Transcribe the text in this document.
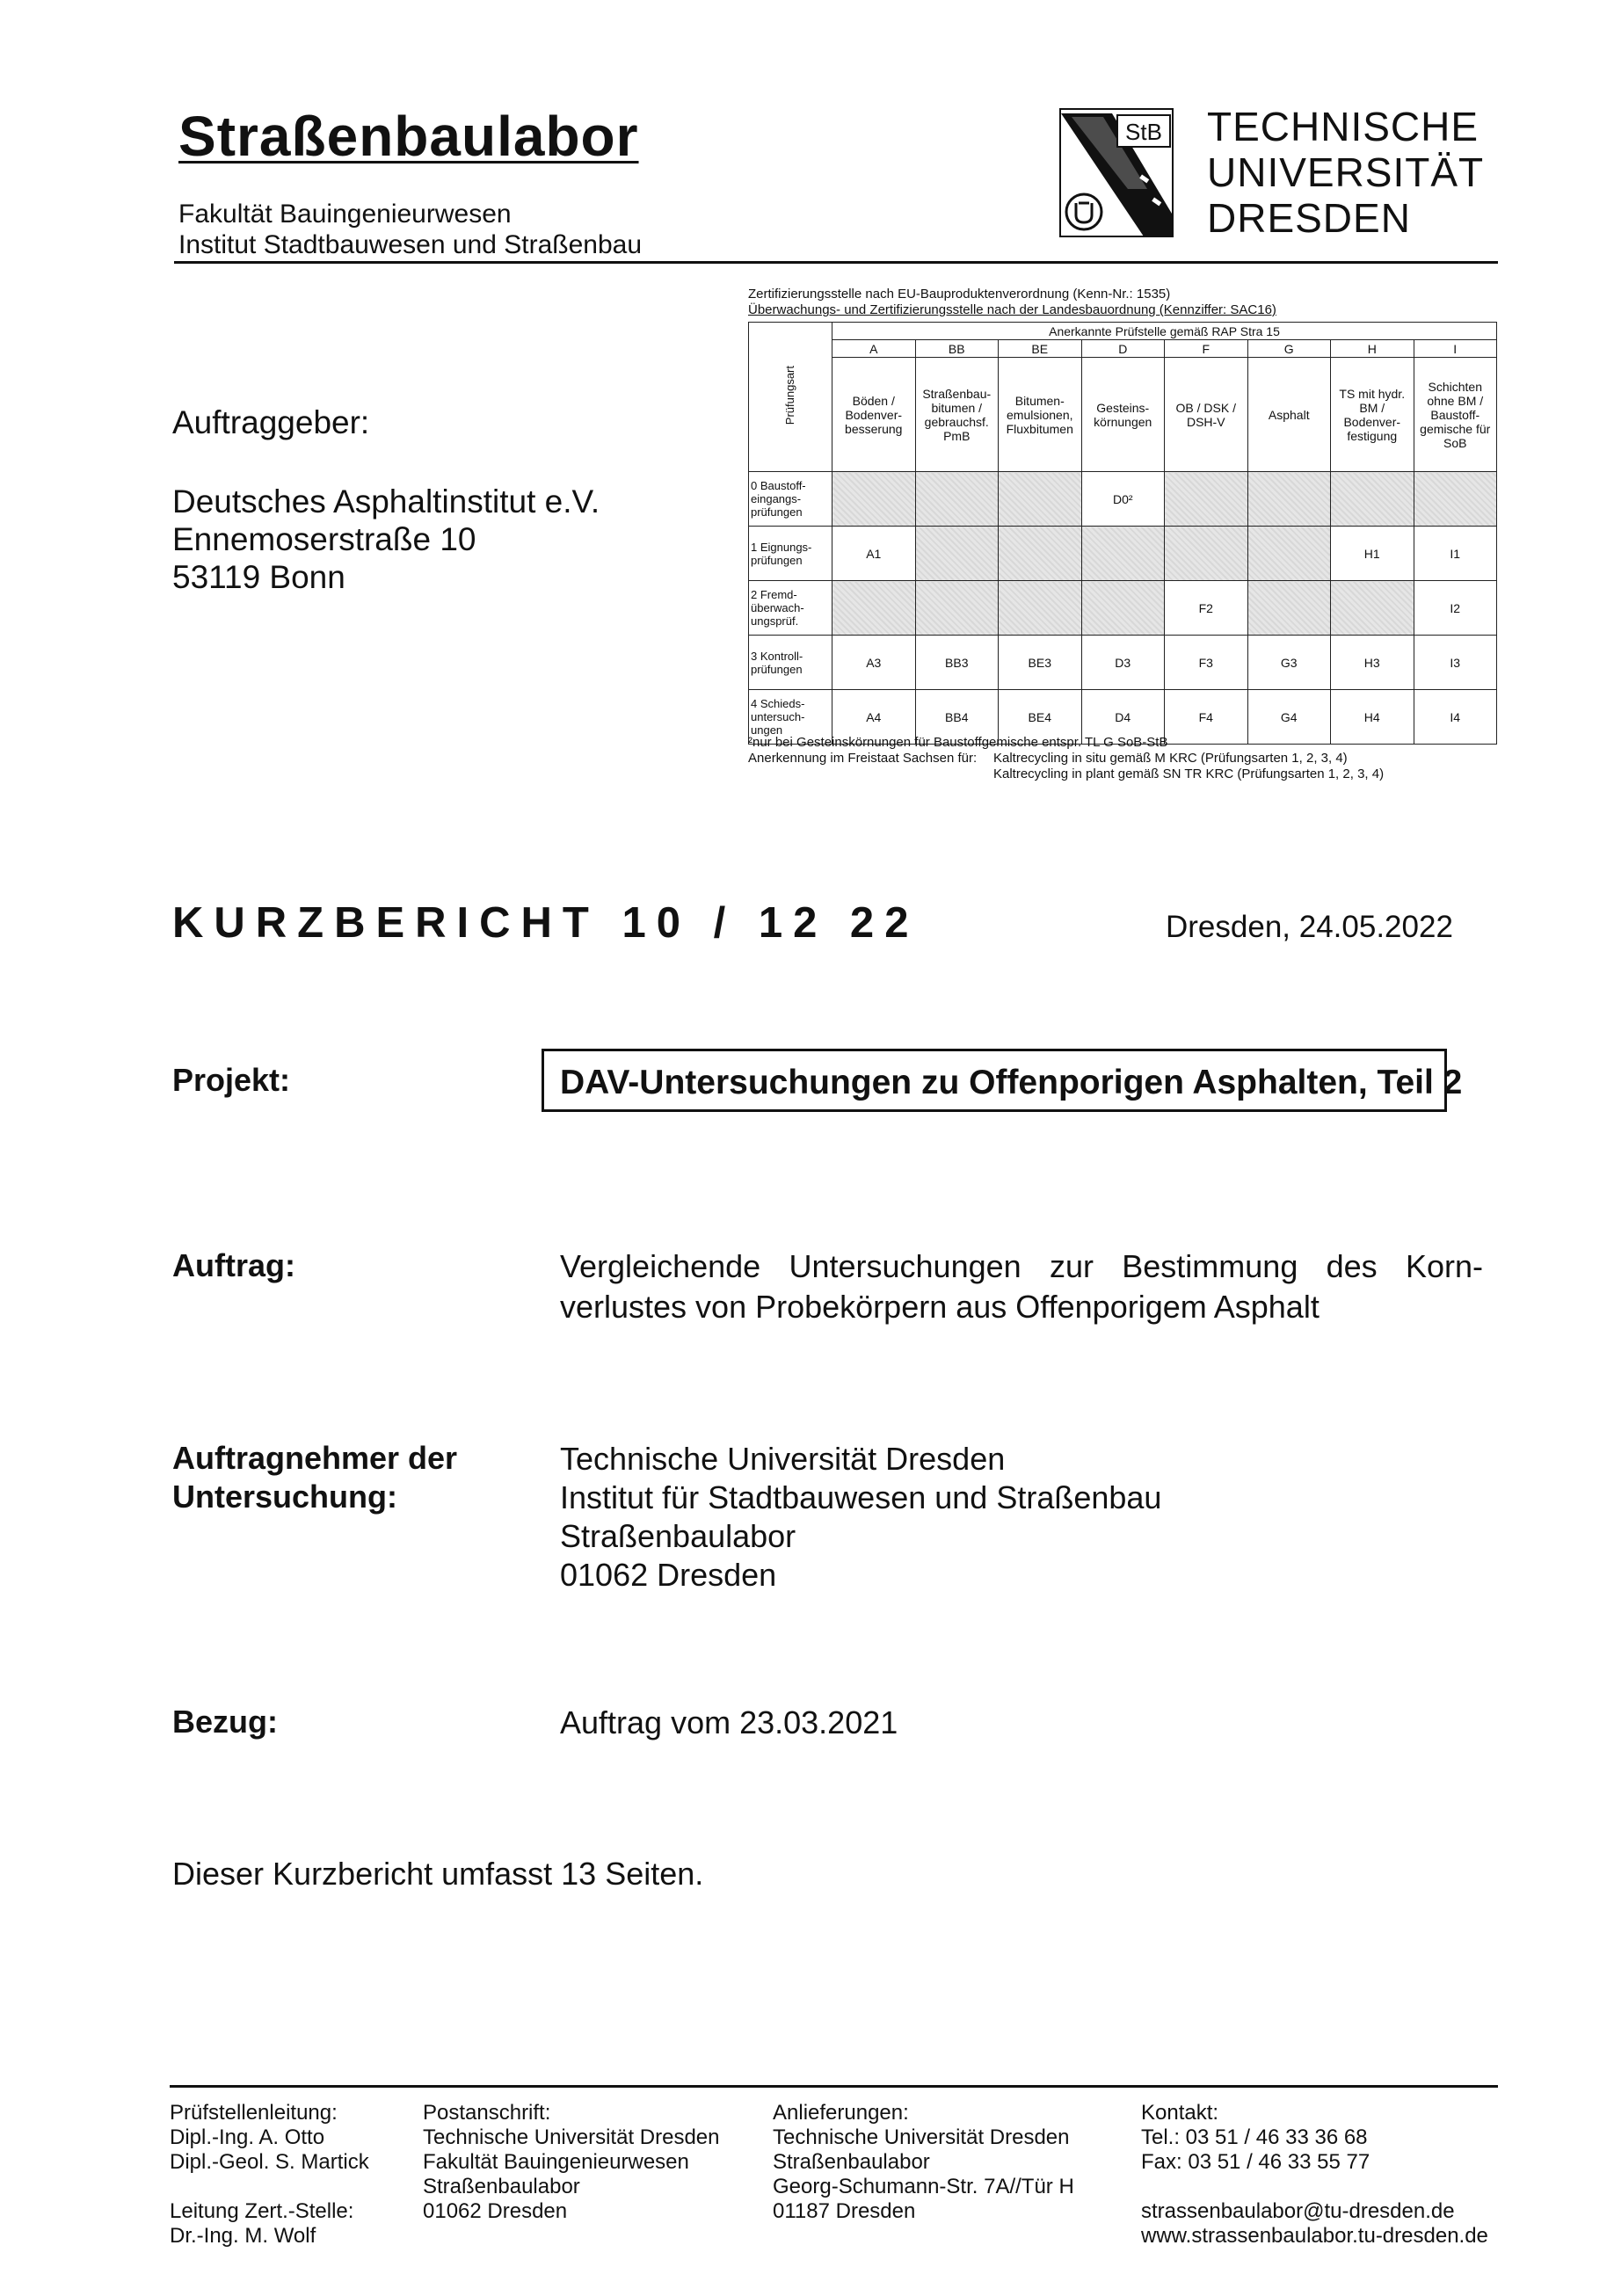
Straßenbaulabor
Fakultät Bauingenieurwesen
Institut Stadtbauwesen und Straßenbau
StB TECHNISCHE
UNIVERSITÄT
DRESDEN
Auftraggeber:
Deutsches Asphaltinstitut e.V.
Ennemoserstraße 10
53119 Bonn
Zertifizierungsstelle nach EU-Bauproduktenverordnung (Kenn-Nr.: 1535)
Überwachungs- und Zertifizierungsstelle nach der Landesbauordnung (Kennziffer: SAC16)
Prüfungsart	Anerkannte Prüfstelle gemäß RAP Stra 15							
	A	BB	BE	D	F	G	H	I
	Böden / Bodenver-besserung	Straßenbau-bitumen / gebrauchsf. PmB	Bitumen-emulsionen, Fluxbitumen	Gesteins-körnungen	OB / DSK / DSH-V	Asphalt	TS mit hydr. BM / Bodenver-festigung	Schichten ohne BM / Baustoff-gemische für SoB
0 Baustoff-eingangs-prüfungen				D0²				
1 Eignungs-prüfungen	A1						H1	I1
2 Fremd-überwach-ungsprüf.					F2			I2
3 Kontroll-prüfungen	A3	BB3	BE3	D3	F3	G3	H3	I3
4 Schieds-untersuch-ungen	A4	BB4	BE4	D4	F4	G4	H4	I4
²nur bei Gesteinskörnungen für Baustoffgemische entspr. TL G SoB-StB
Anerkennung im Freistaat Sachsen für: Kaltrecycling in situ gemäß M KRC (Prüfungsarten 1, 2, 3, 4)
Kaltrecycling in plant gemäß SN TR KRC (Prüfungsarten 1, 2, 3, 4)
KURZBERICHT 10 / 12 22	Dresden, 24.05.2022
Projekt:	DAV-Untersuchungen zu Offenporigen Asphalten, Teil 2
Auftrag:	Vergleichende Untersuchungen zur Bestimmung des Korn-
verlustes von Probekörpern aus Offenporigem Asphalt
Auftragnehmer der
Untersuchung:
Technische Universität Dresden
Institut für Stadtbauwesen und Straßenbau
Straßenbaulabor
01062 Dresden
Bezug:	Auftrag vom 23.03.2021
Dieser Kurzbericht umfasst 13 Seiten.
Prüfstellenleitung:
Dipl.-Ing. A. Otto
Dipl.-Geol. S. Martick
Leitung Zert.-Stelle:
Dr.-Ing. M. Wolf
Postanschrift:
Technische Universität Dresden
Fakultät Bauingenieurwesen
Straßenbaulabor
01062 Dresden
Anlieferungen:
Technische Universität Dresden
Straßenbaulabor
Georg-Schumann-Str. 7A//Tür H
01187 Dresden
Kontakt:
Tel.: 03 51 / 46 33 36 68
Fax: 03 51 / 46 33 55 77
strassenbaulabor@tu-dresden.de
www.strassenbaulabor.tu-dresden.de
